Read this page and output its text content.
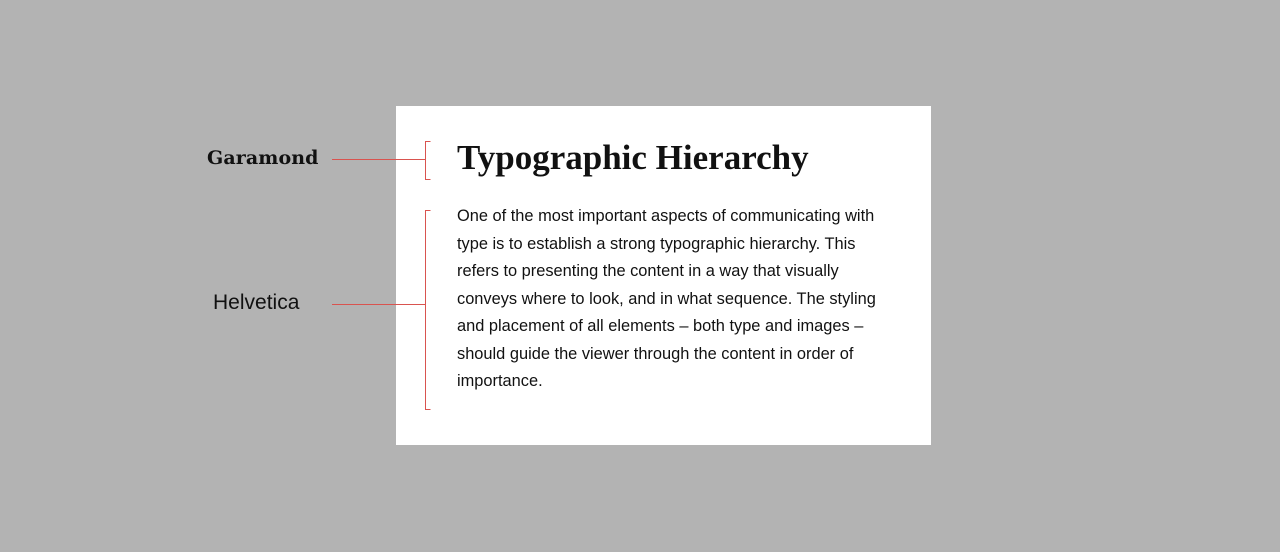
Garamond
Helvetica
Typographic Hierarchy

One of the most important aspects of communicating with type is to establish a strong typographic hierarchy. This refers to presenting the content in a way that visually conveys where to look, and in what sequence. The styling and placement of all elements – both type and images – should guide the viewer through the content in order of importance.
